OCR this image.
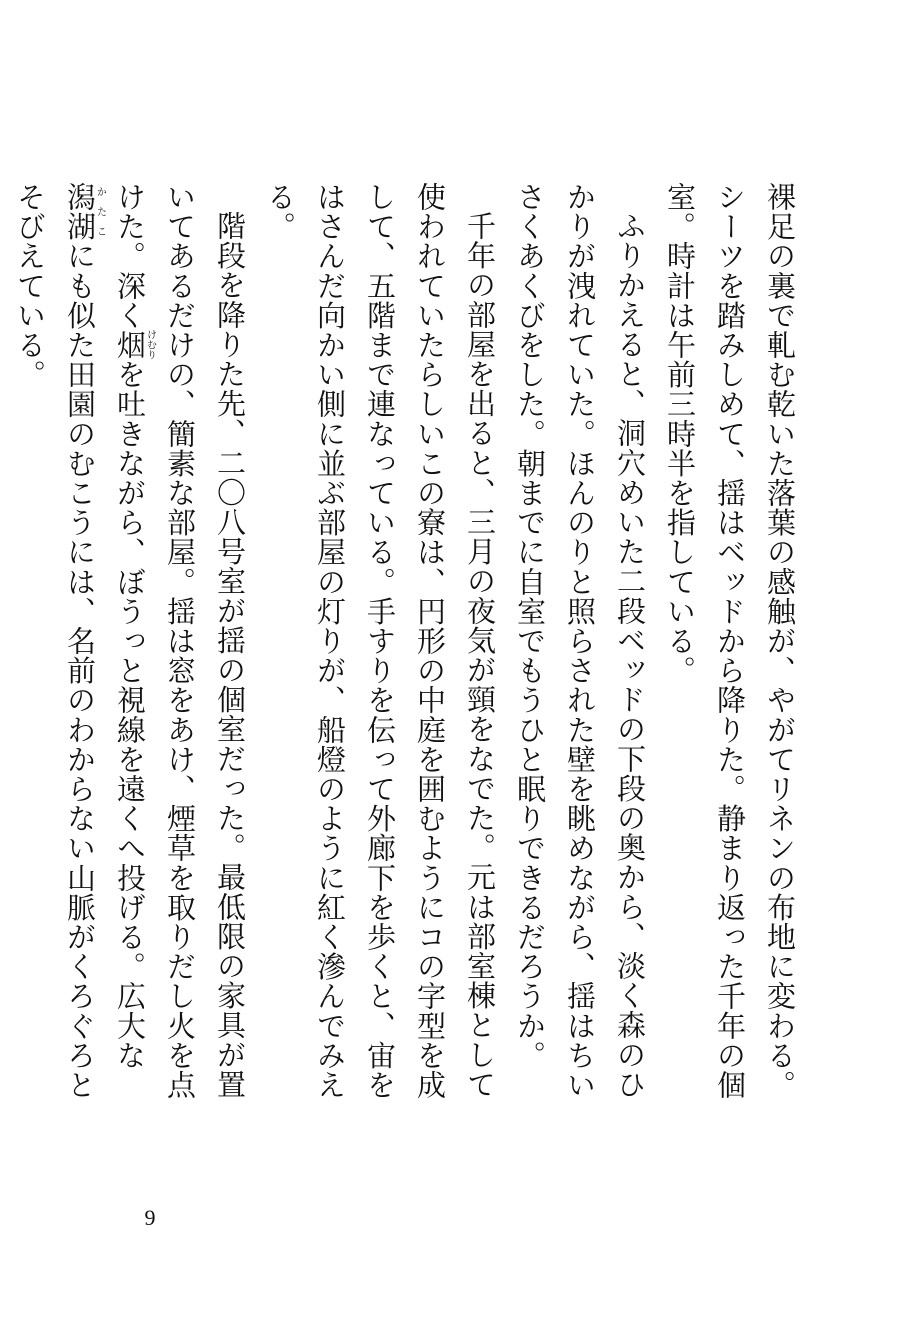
裸足の裏で軋む乾いた落葉の感触が、やがてリネンの布地に変わる。シーツを踏みしめて、揺はベッドから降りた。静まり返った千年の個室。時計は午前三時半を指している。

ふりかえると、洞穴めいた二段ベッドの下段の奥から、淡く森のひかりが洩れていた。ほんのりと照らされた壁を眺めながら、揺はちいさくあくびをした。朝までに自室でもうひと眠りできるだろうか。

千年の部屋を出ると、三月の夜気が頸をなでた。元は部室棟として使われていたらしいこの寮は、円形の中庭を囲むようにコの字型を成して、五階まで連なっている。手すりを伝って外廊下を歩くと、宙をはさんだ向かい側に並ぶ部屋の灯りが、船燈のように紅く滲んでみえる。

階段を降りた先、二〇八号室が揺の個室だった。最低限の家具が置いてあるだけの、簡素な部屋。揺は窓をあけ、煙草を取りだし火を点けた。深く烟けむりを吐きながら、ぼうっと視線を遠くへ投げる。広大な潟湖かたこにも似た田園のむこうには、名前のわからない山脈がくろぐろとそびえている。

9
